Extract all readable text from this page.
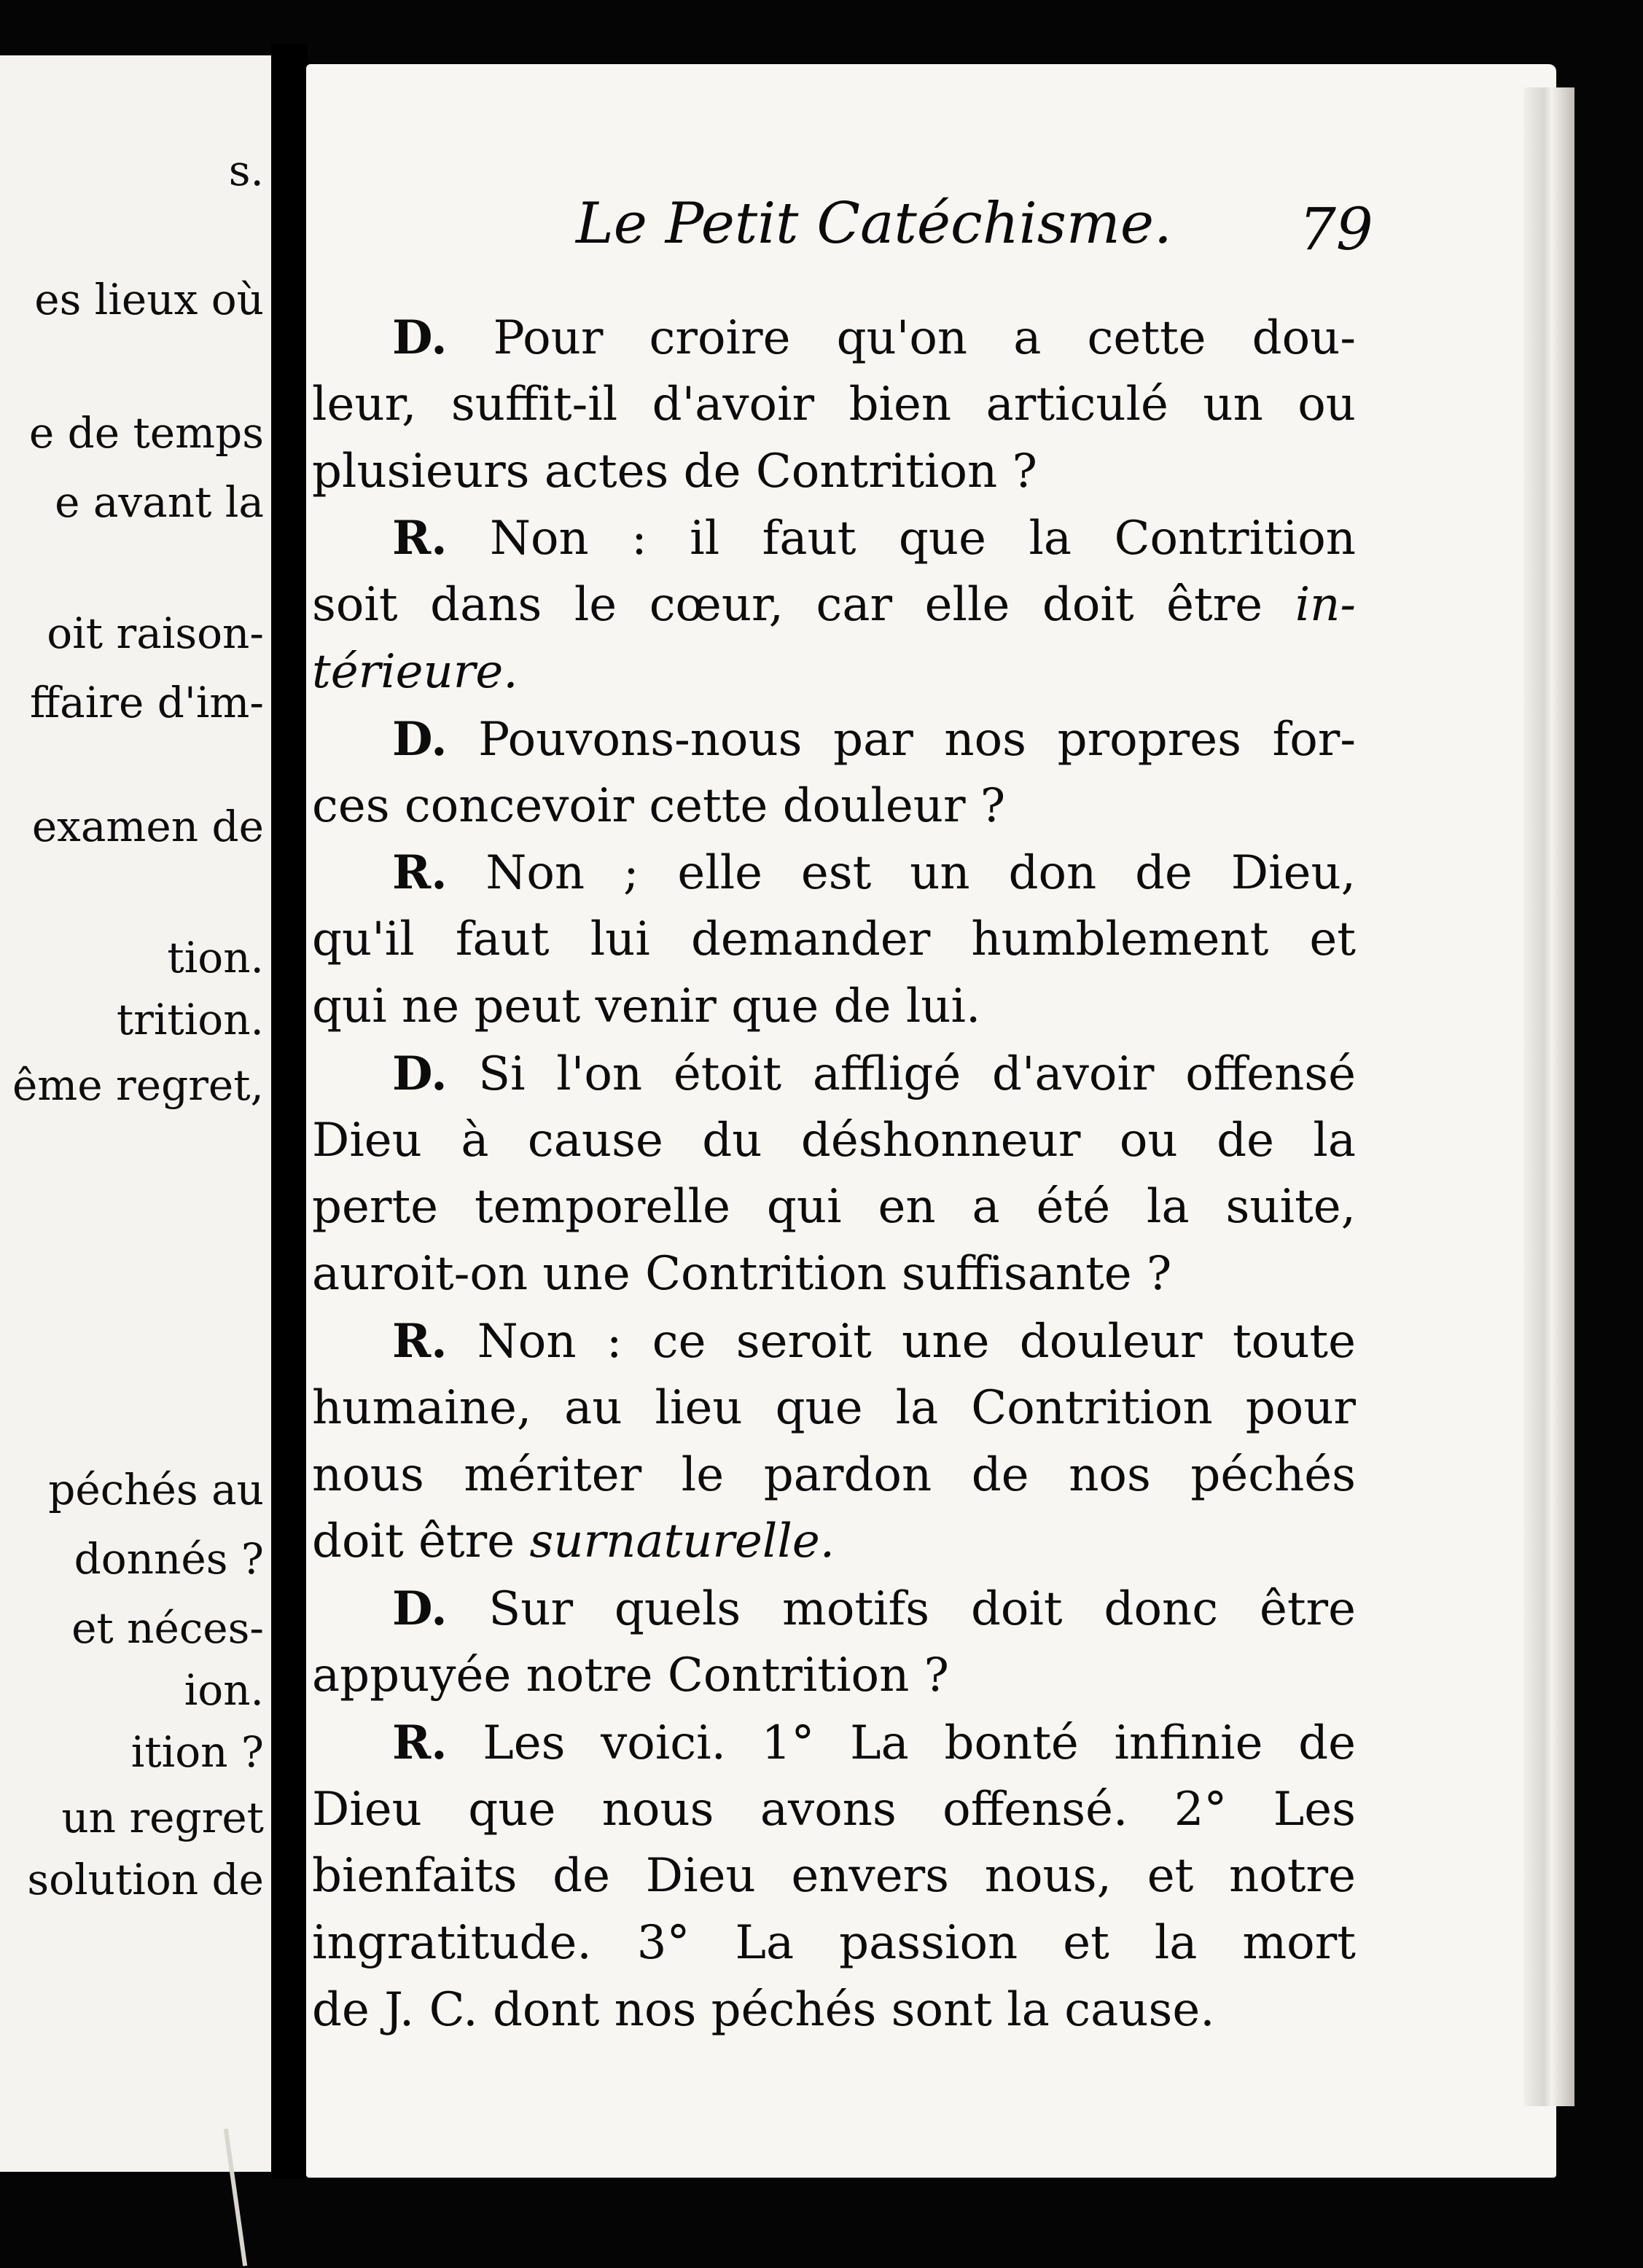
s.
es lieux où
e de temps
e avant la
oit raison-
ffaire d'im-
examen de
tion.
trition.
ême regret,
péchés au
donnés ?
et néces-
ion.
ition ?
un regret
solution de
Le Petit Catéchisme. 79
D. Pour croire qu'on a cette dou-
leur, suffit-il d'avoir bien articulé un ou
plusieurs actes de Contrition ?
R. Non : il faut que la Contrition
soit dans le cœur, car elle doit être in-
térieure.
D. Pouvons-nous par nos propres for-
ces concevoir cette douleur ?
R. Non ; elle est un don de Dieu,
qu'il faut lui demander humblement et
qui ne peut venir que de lui.
D. Si l'on étoit affligé d'avoir offensé
Dieu à cause du déshonneur ou de la
perte temporelle qui en a été la suite,
auroit-on une Contrition suffisante ?
R. Non : ce seroit une douleur toute
humaine, au lieu que la Contrition pour
nous mériter le pardon de nos péchés
doit être surnaturelle.
D. Sur quels motifs doit donc être
appuyée notre Contrition ?
R. Les voici. 1° La bonté infinie de
Dieu que nous avons offensé. 2° Les
bienfaits de Dieu envers nous, et notre
ingratitude. 3° La passion et la mort
de J. C. dont nos péchés sont la cause.
